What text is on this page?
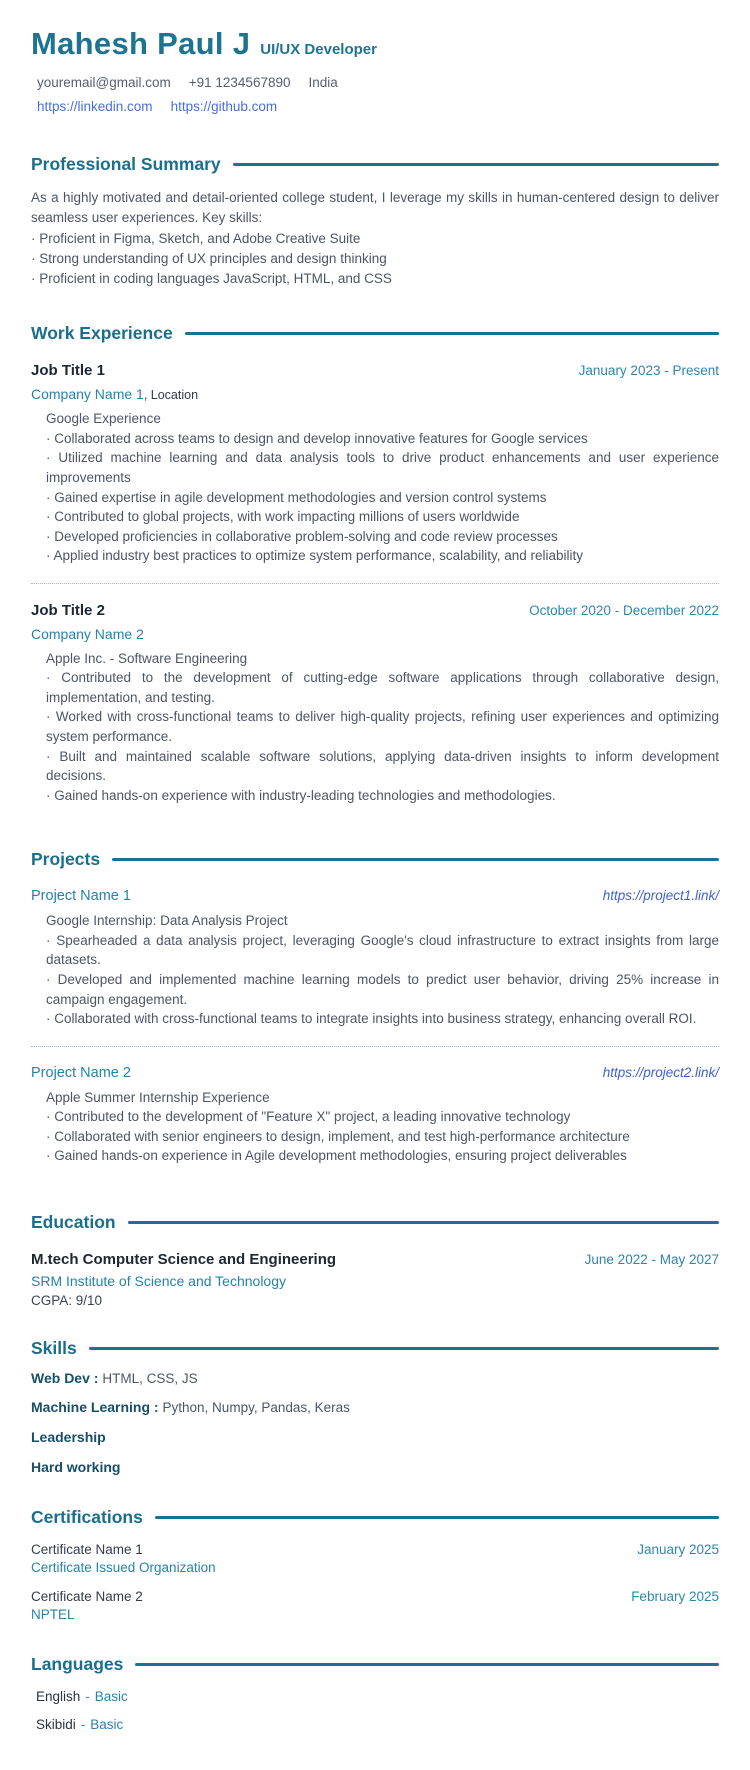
Mahesh Paul J UI/UX Developer
youremail@gmail.com +91 1234567890 India
https://linkedin.com https://github.com
Professional Summary

As a highly motivated and detail-oriented college student, I leverage my skills in human-centered design to deliver seamless user experiences. Key skills:

· Proficient in Figma, Sketch, and Adobe Creative Suite

· Strong understanding of UX principles and design thinking

· Proficient in coding languages JavaScript, HTML, and CSS

Work Experience
Job Title 1	January 2023 - Present
Company Name 1, Location

Google Experience

· Collaborated across teams to design and develop innovative features for Google services

· Utilized machine learning and data analysis tools to drive product enhancements and user experience improvements

· Gained expertise in agile development methodologies and version control systems

· Contributed to global projects, with work impacting millions of users worldwide

· Developed proficiencies in collaborative problem-solving and code review processes

· Applied industry best practices to optimize system performance, scalability, and reliability

Job Title 2	October 2020 - December 2022
Company Name 2

Apple Inc. - Software Engineering

· Contributed to the development of cutting-edge software applications through collaborative design, implementation, and testing.

· Worked with cross-functional teams to deliver high-quality projects, refining user experiences and optimizing system performance.

· Built and maintained scalable software solutions, applying data-driven insights to inform development decisions.

· Gained hands-on experience with industry-leading technologies and methodologies.

Projects
Project Name 1	https://project1.link/

Google Internship: Data Analysis Project

· Spearheaded a data analysis project, leveraging Google's cloud infrastructure to extract insights from large datasets.

· Developed and implemented machine learning models to predict user behavior, driving 25% increase in campaign engagement.

· Collaborated with cross-functional teams to integrate insights into business strategy, enhancing overall ROI.

Project Name 2	https://project2.link/

Apple Summer Internship Experience

· Contributed to the development of "Feature X" project, a leading innovative technology

· Collaborated with senior engineers to design, implement, and test high-performance architecture

· Gained hands-on experience in Agile development methodologies, ensuring project deliverables

Education
M.tech Computer Science and Engineering	June 2022 - May 2027
SRM Institute of Science and Technology
CGPA: 9/10
Skills
Web Dev : HTML, CSS, JS
Machine Learning : Python, Numpy, Pandas, Keras
Leadership
Hard working
Certifications
Certificate Name 1	January 2025
Certificate Issued Organization
Certificate Name 2	February 2025
NPTEL
Languages
English - Basic
Skibidi - Basic
